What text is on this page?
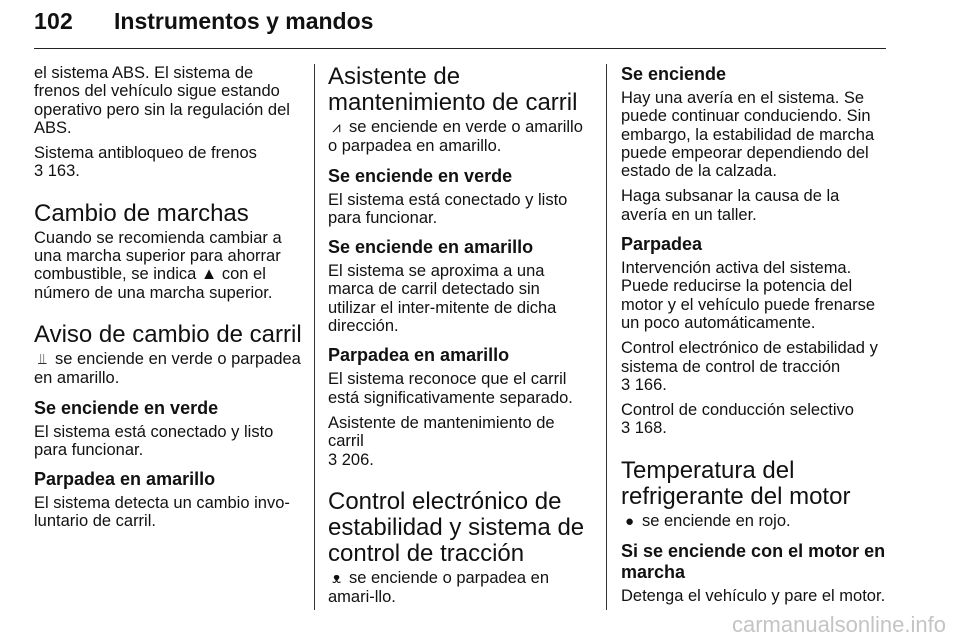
102 Instrumentos y mandos

el sistema ABS. El sistema de frenos del vehículo sigue estando operativo pero sin la regulación del ABS.

Sistema antibloqueo de frenos
3 163.

Cambio de marchas

Cuando se recomienda cambiar a una marcha superior para ahorrar combustible, se indica ▲ con el número de una marcha superior.

Aviso de cambio de carril

⫫ se enciende en verde o parpadea en amarillo.

Se enciende en verde

El sistema está conectado y listo para funcionar.

Parpadea en amarillo

El sistema detecta un cambio invo-luntario de carril.

Asistente de mantenimiento de carril

⩘ se enciende en verde o amarillo o parpadea en amarillo.

Se enciende en verde

El sistema está conectado y listo para funcionar.

Se enciende en amarillo

El sistema se aproxima a una marca de carril detectado sin utilizar el inter-mitente de dicha dirección.

Parpadea en amarillo

El sistema reconoce que el carril está significativamente separado.

Asistente de mantenimiento de carril
3 206.

Control electrónico de estabilidad y sistema de control de tracción

ᴥ se enciende o parpadea en amari-llo.

Se enciende

Hay una avería en el sistema. Se puede continuar conduciendo. Sin embargo, la estabilidad de marcha puede empeorar dependiendo del estado de la calzada.

Haga subsanar la causa de la avería en un taller.

Parpadea

Intervención activa del sistema. Puede reducirse la potencia del motor y el vehículo puede frenarse un poco automáticamente.

Control electrónico de estabilidad y sistema de control de tracción
3 166.

Control de conducción selectivo
3 168.

Temperatura del refrigerante del motor

● se enciende en rojo.

Si se enciende con el motor en marcha

Detenga el vehículo y pare el motor.

carmanualsonline.info
